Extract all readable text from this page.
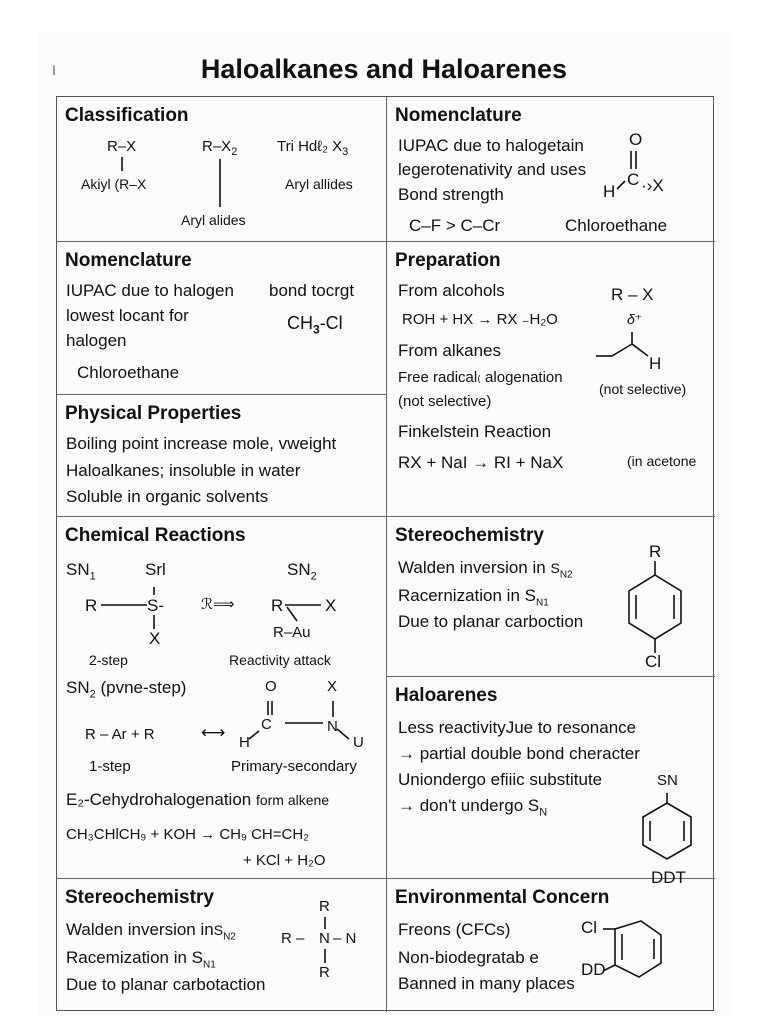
I	Haloalkanes and Haloarenes
Classification
R–X	$R-X_2$	Tri Hdℓ₂ $X_3$
Akiyl (R–X	Aryl allides
Aryl alides
Nomenclature
IUPAC due to halogetain
legerotenativity and uses
Bond strength
C–F > C–Cr	Chloroethane
O
C
H ·›X
Nomenclature
IUPAC due to halogen
lowest locant for
halogen
Chloroethane
bond tocrgt
$CH_3-Cl$
Physical Properties
Boiling point increase mole, vweight
Haloalkanes; insoluble in water
Soluble in organic solvents
Preparation
From alcohols
ROH + HX → RX ₋H₂O
From alkanes
Free radical₍ alogenation
(not selective)
Finkelstein Reaction
RX + NaI → RI + NaX	(in acetone
R – X
δ⁺
H
(not selective)
Chemical Reactions
$SN_1$	Srl	$SN_2$
R	S-
X
ℛ⟹ R X
R–Au
2-step	Reactivity attack
$SN_2$ (pvne-step)	O	X
R – Ar + R	⟷ C	N
H	U
1-step	Primary-secondary
E₂-Cehydrohalogenation form alkene
CH₃CHlCH₉ + KOH → CH₉ CH=CH₂
+ KCl + H₂O
Stereochemistry
Walden inversion in $S_{N2}$
Racernization in $S_{N1}$
Due to planar carboction
R
Cl
Haloarenes
Less reactivityJue to resonance
→ partial double bond cheracter
Uniondergo efiiic substitute
→ don't undergo $S_N$
SN
DDT
Stereochemistry
Walden inversion inS$_{N2}$
Racemization in $S_{N1}$
Due to planar carbotaction
R
R – N – N
R
Environmental Concern
Freons (CFCs)
Non-biodegratab e
Banned in many places
Cl
DD
